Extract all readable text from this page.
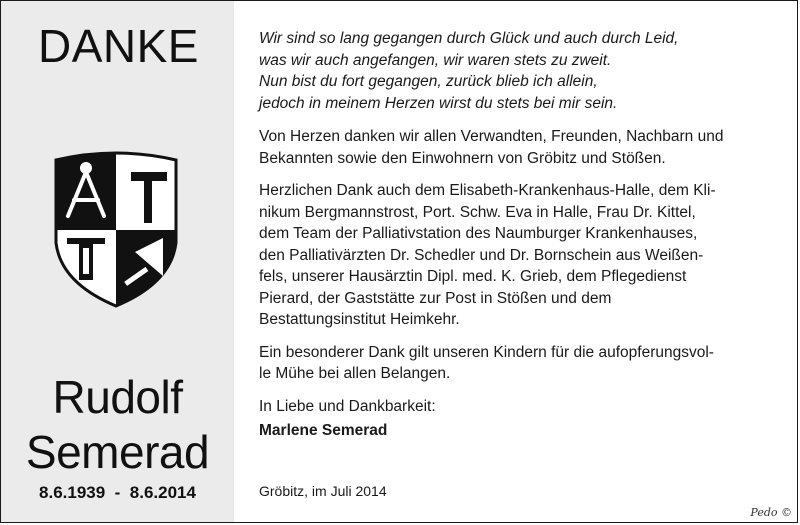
DANKE
Rudolf
Semerad
8.6.1939  -  8.6.2014
Wir sind so lang gegangen durch Glück und auch durch Leid,
was wir auch angefangen, wir waren stets zu zweit.
Nun bist du fort gegangen, zurück blieb ich allein,
jedoch in meinem Herzen wirst du stets bei mir sein.
Von Herzen danken wir allen Verwandten, Freunden, Nachbarn und
Bekannten sowie den Einwohnern von Gröbitz und Stößen.
Herzlichen Dank auch dem Elisabeth-Krankenhaus-Halle, dem Kli-
nikum Bergmannstrost, Port. Schw. Eva in Halle, Frau Dr. Kittel,
dem Team der Palliativstation des Naumburger Krankenhauses,
den Palliativärzten Dr. Schedler und Dr. Bornschein aus Weißen-
fels, unserer Hausärztin Dipl. med. K. Grieb, dem Pflegedienst
Pierard, der Gaststätte zur Post in Stößen und dem
Bestattungsinstitut Heimkehr.
Ein besonderer Dank gilt unseren Kindern für die aufopferungsvol-
le Mühe bei allen Belangen.
In Liebe und Dankbarkeit:
Marlene Semerad
Gröbitz, im Juli 2014
Pedo ©
